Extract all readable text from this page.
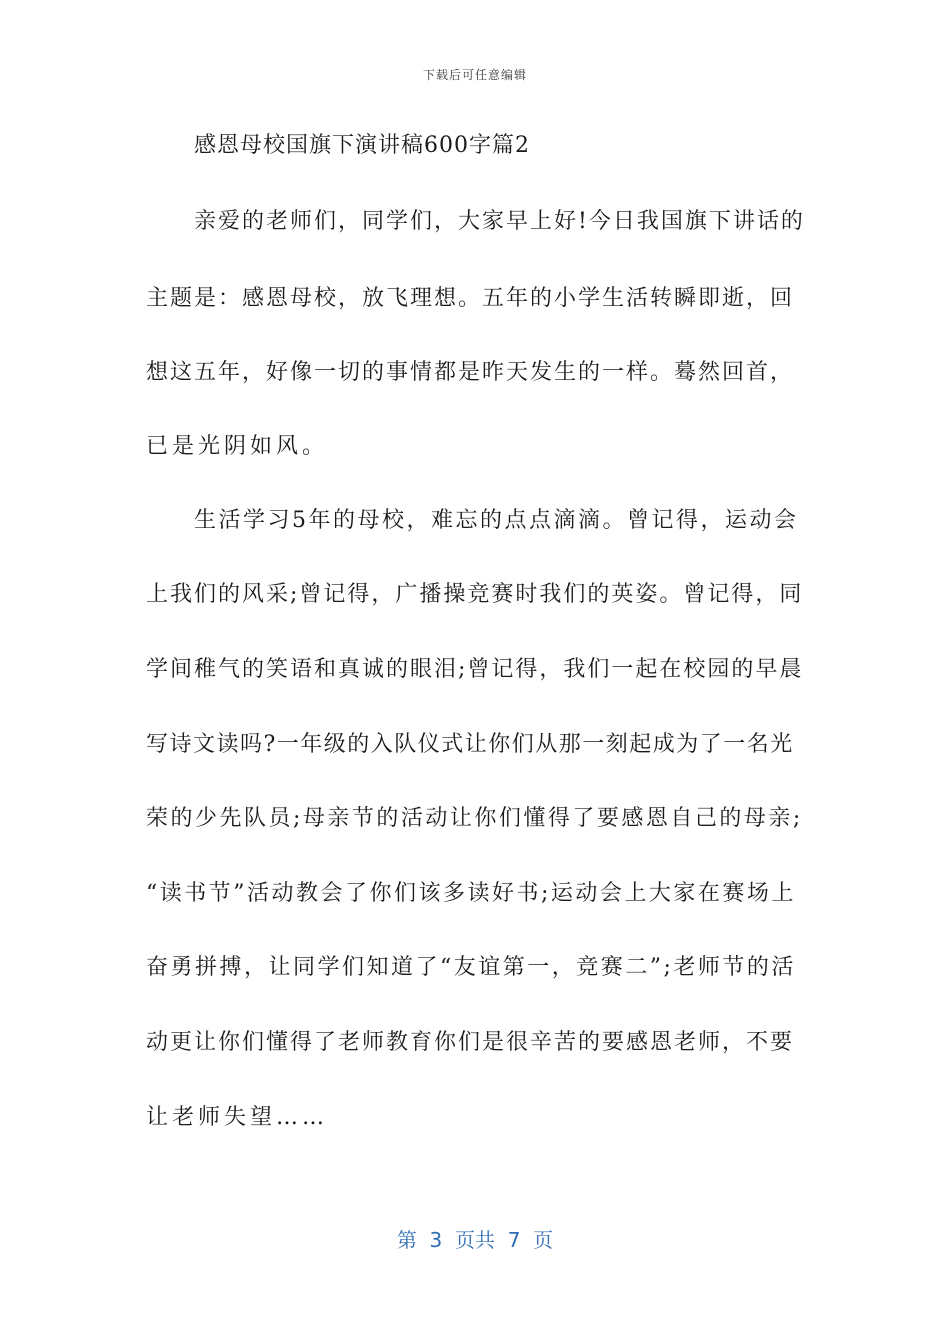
下载后可任意编辑
感恩母校国旗下演讲稿600字篇2
亲爱的老师们，同学们，大家早上好!今日我国旗下讲话的
主题是：感恩母校，放飞理想。五年的小学生活转瞬即逝，回
想这五年，好像一切的事情都是昨天发生的一样。蓦然回首，
已是光阴如风。
生活学习5年的母校，难忘的点点滴滴。曾记得，运动会
上我们的风采;曾记得，广播操竞赛时我们的英姿。曾记得，同
学间稚气的笑语和真诚的眼泪;曾记得，我们一起在校园的早晨
写诗文读吗?一年级的入队仪式让你们从那一刻起成为了一名光
荣的少先队员;母亲节的活动让你们懂得了要感恩自己的母亲;
“读书节”活动教会了你们该多读好书;运动会上大家在赛场上
奋勇拼搏，让同学们知道了“友谊第一，竞赛二”;老师节的活
动更让你们懂得了老师教育你们是很辛苦的要感恩老师，不要
让老师失望……
第  3  页共  7  页
